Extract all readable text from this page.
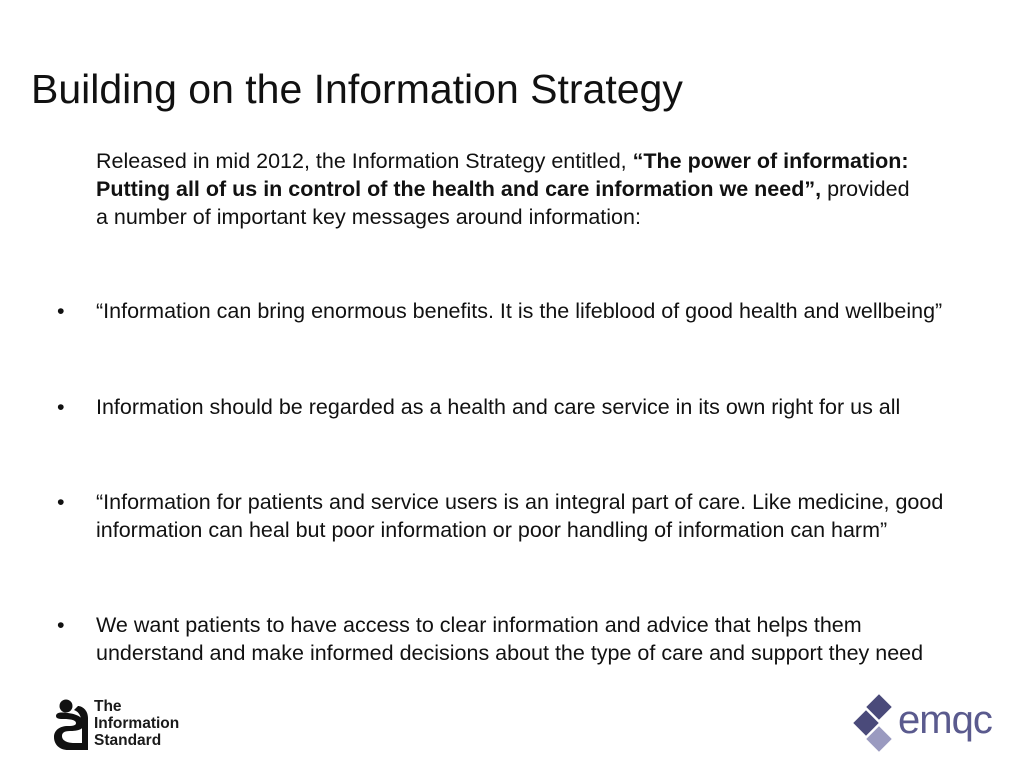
Building on the Information Strategy

Released in mid 2012, the Information Strategy entitled, “The power of information: Putting all of us in control of the health and care information we need”, provided a number of important key messages around information:

•	“Information can bring enormous benefits. It is the lifeblood of good health and wellbeing”
•	Information should be regarded as a health and care service in its own right for us all
•	“Information for patients and service users is an integral part of care. Like medicine, good information can heal but poor information or poor handling of information can harm”
•	We want patients to have access to clear information and advice that helps them understand and make informed decisions about the type of care and support they need
The
Information
Standard	emqc
